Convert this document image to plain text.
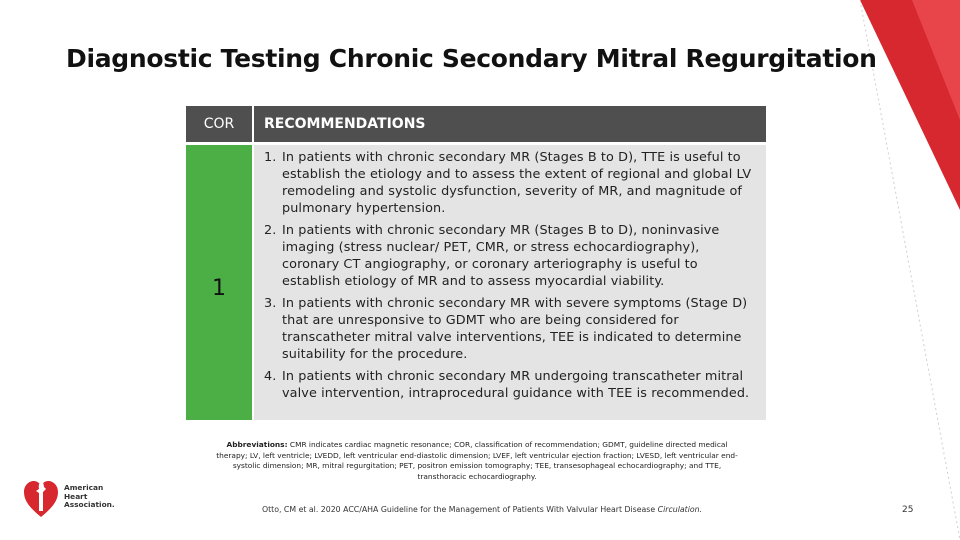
Diagnostic Testing Chronic Secondary Mitral Regurgitation
COR	RECOMMENDATIONS
1
1. In patients with chronic secondary MR (Stages B to D), TTE is useful to establish the etiology and to assess the extent of regional and global LV remodeling and systolic dysfunction, severity of MR, and magnitude of pulmonary hypertension.
2. In patients with chronic secondary MR (Stages B to D), noninvasive imaging (stress nuclear/ PET, CMR, or stress echocardiography), coronary CT angiography, or coronary arteriography is useful to establish etiology of MR and to assess myocardial viability.
3. In patients with chronic secondary MR with severe symptoms (Stage D) that are unresponsive to GDMT who are being considered for transcatheter mitral valve interventions, TEE is indicated to determine suitability for the procedure.
4. In patients with chronic secondary MR undergoing transcatheter mitral valve intervention, intraprocedural guidance with TEE is recommended.
Abbreviations: CMR indicates cardiac magnetic resonance; COR, classification of recommendation; GDMT, guideline directed medical therapy; LV, left ventricle; LVEDD, left ventricular end-diastolic dimension; LVEF, left ventricular ejection fraction; LVESD, left ventricular end-systolic dimension; MR, mitral regurgitation; PET, positron emission tomography; TEE, transesophageal echocardiography; and TTE, transthoracic echocardiography.
American
Heart
Association.
Otto, CM et al. 2020 ACC/AHA Guideline for the Management of Patients With Valvular Heart Disease Circulation.	25
